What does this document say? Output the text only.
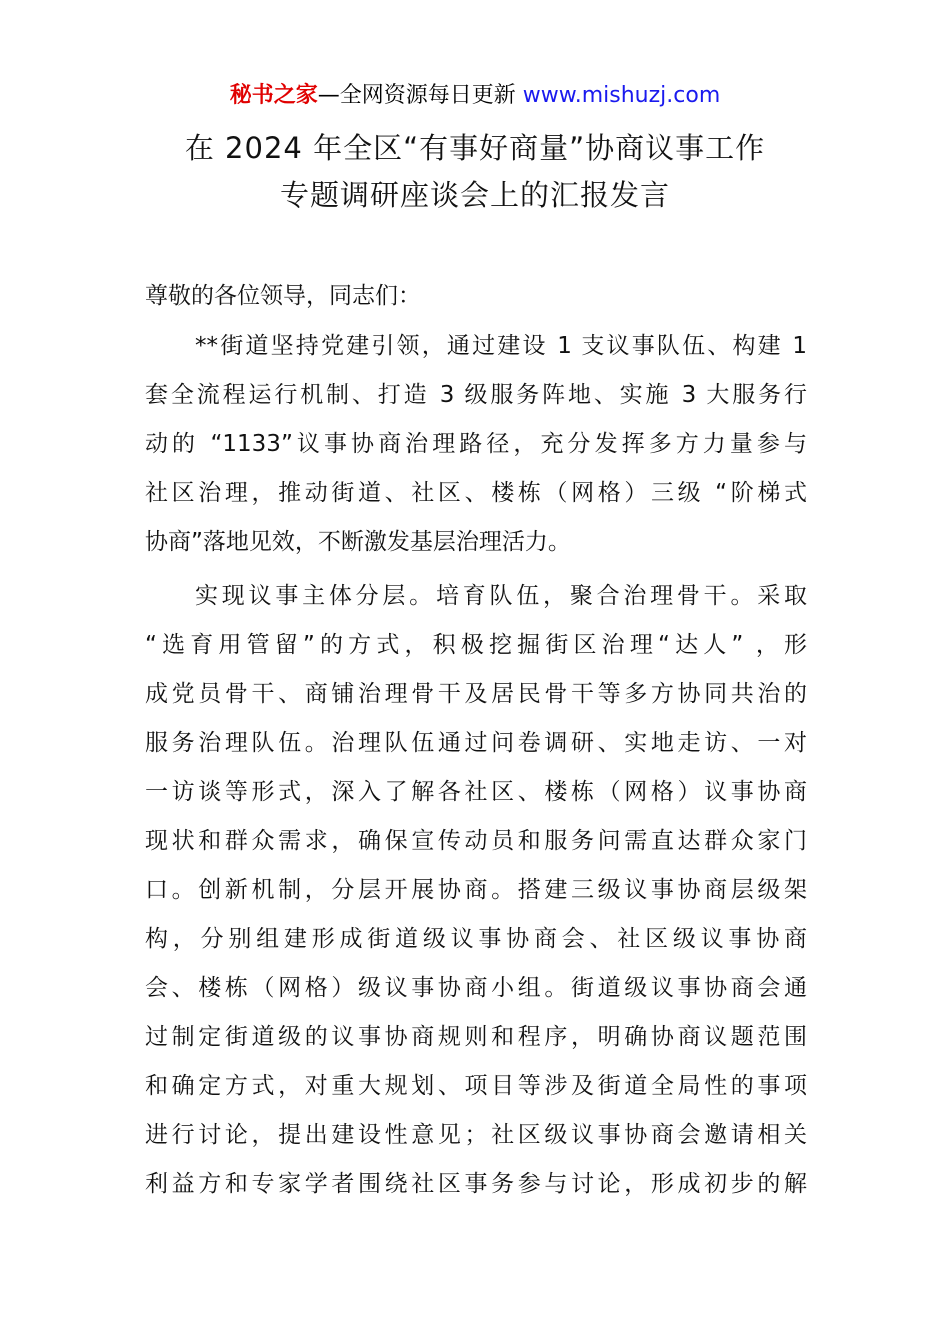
秘书之家—全网资源每日更新 www.mishuzj.com
在 2024 年全区“有事好商量”协商议事工作
专题调研座谈会上的汇报发言
尊敬的各位领导，同志们：
**街道坚持党建引领，通过建设 1 支议事队伍、构建 1
套全流程运行机制、打造 3 级服务阵地、实施 3 大服务行
动的 “1133”议事协商治理路径，充分发挥多方力量参与
社区治理，推动街道、社区、楼栋（网格）三级 “阶梯式
协商”落地见效，不断激发基层治理活力。
实现议事主体分层。培育队伍，聚合治理骨干。采取
“选育用管留”的方式，积极挖掘街区治理“达人” ，形
成党员骨干、商铺治理骨干及居民骨干等多方协同共治的
服务治理队伍。治理队伍通过问卷调研、实地走访、一对
一访谈等形式，深入了解各社区、楼栋（网格）议事协商
现状和群众需求，确保宣传动员和服务问需直达群众家门
口。创新机制，分层开展协商。搭建三级议事协商层级架
构，分别组建形成街道级议事协商会、社区级议事协商
会、楼栋（网格）级议事协商小组。街道级议事协商会通
过制定街道级的议事协商规则和程序，明确协商议题范围
和确定方式，对重大规划、项目等涉及街道全局性的事项
进行讨论，提出建设性意见；社区级议事协商会邀请相关
利益方和专家学者围绕社区事务参与讨论，形成初步的解
